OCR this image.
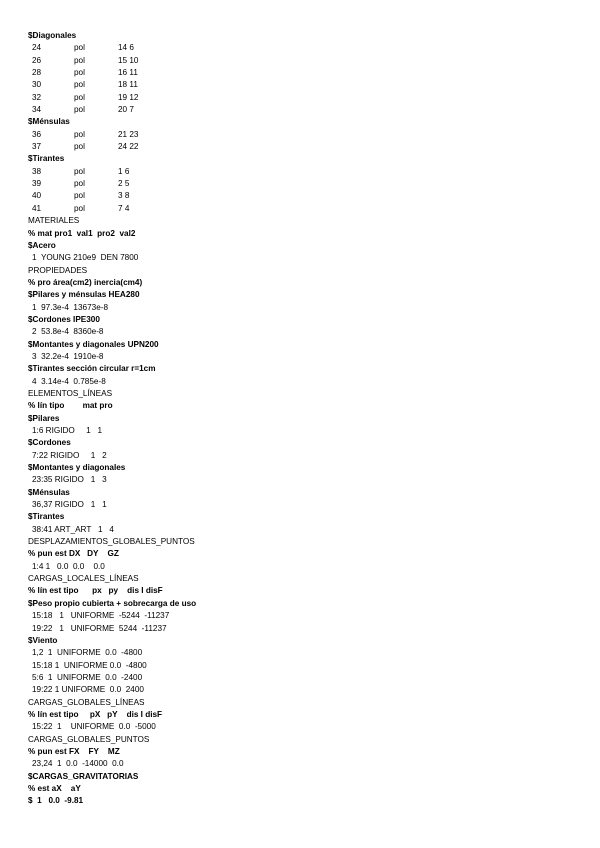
$Diagonales
24	pol	14 6
26	pol	15 10
28	pol	16 11
30	pol	18 11
32	pol	19 12
34	pol	20 7
$Ménsulas
36	pol	21 23
37	pol	24 22
$Tirantes
38	pol	1 6
39	pol	2 5
40	pol	3 8
41	pol	7 4
MATERIALES
% mat pro1  val1  pro2  val2
$Acero
1  YOUNG 210e9  DEN 7800
PROPIEDADES
% pro área(cm2) inercia(cm4)
$Pilares y ménsulas HEA280
1  97.3e-4  13673e-8
$Cordones IPE300
2  53.8e-4  8360e-8
$Montantes y diagonales UPN200
3  32.2e-4  1910e-8
$Tirantes sección circular r=1cm
4  3.14e-4  0.785e-8
ELEMENTOS_LÍNEAS
% lín tipo        mat pro
$Pilares
1:6 RIGIDO     1   1
$Cordones
7:22 RIGIDO     1   2
$Montantes y diagonales
23:35 RIGIDO   1   3
$Ménsulas
36,37 RIGIDO   1   1
$Tirantes
38:41 ART_ART   1   4
DESPLAZAMIENTOS_GLOBALES_PUNTOS
% pun est DX   DY    GZ
1:4 1   0.0  0.0    0.0
CARGAS_LOCALES_LÍNEAS
% lín est tipo      px   py    dis I disF
$Peso propio cubierta + sobrecarga de uso
15:18   1   UNIFORME  -5244  -11237
19:22   1   UNIFORME  5244  -11237
$Viento
1,2  1  UNIFORME  0.0  -4800
15:18 1  UNIFORME 0.0  -4800
5:6  1  UNIFORME  0.0  -2400
19:22 1 UNIFORME  0.0  2400
CARGAS_GLOBALES_LÍNEAS
% lín est tipo     pX   pY    dis I disF
15:22  1    UNIFORME  0.0  -5000
CARGAS_GLOBALES_PUNTOS
% pun est FX    FY    MZ
23,24  1  0.0  -14000  0.0
$CARGAS_GRAVITATORIAS
% est aX    aY
$  1   0.0  -9.81
